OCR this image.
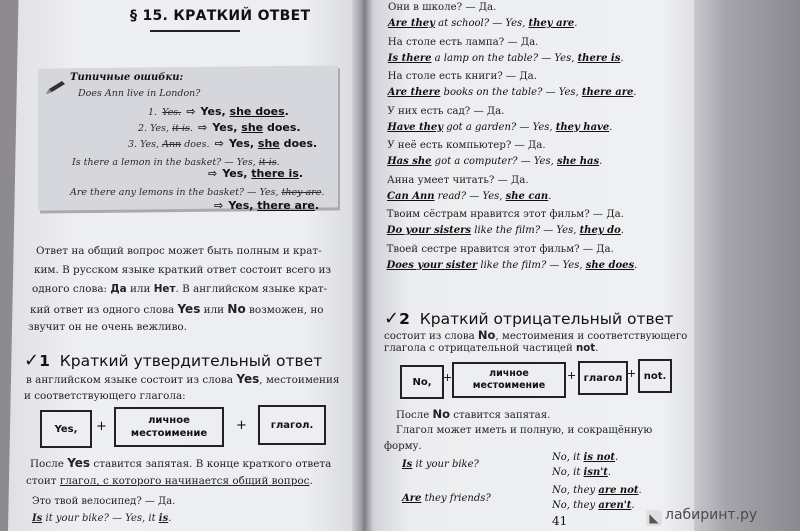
§ 15. КРАТКИЙ ОТВЕТ
Типичные ошибки:
Does Ann live in London?
1. Yes. ⇨ Yes, she does.
2. Yes, it is. ⇨ Yes, she does.
3. Yes, Ann does. ⇨ Yes, she does.
Is there a lemon in the basket? — Yes, it is.
⇨ Yes, there is.
Are there any lemons in the basket? — Yes, they are.
⇨ Yes, there are.
Ответ на общий вопрос может быть полным и крат-
ким. В русском языке краткий ответ состоит всего из
одного слова: Да или Нет. В английском языке крат-
кий ответ из одного слова Yes или No возможен, но
звучит он не очень вежливо.
✓1 Краткий утвердительный ответ
в английском языке состоит из слова Yes, местоимения
и соответствующего глагола:
Yes,	+	личное
местоимение
+	глагол.
После Yes ставится запятая. В конце краткого ответа
стоит глагол, с которого начинается общий вопрос.
Это твой велосипед? — Да.
Is it your bike? — Yes, it is.
Они в школе? — Да.
Are they at school? — Yes, they are.
На столе есть лампа? — Да.
Is there a lamp on the table? — Yes, there is.
На столе есть книги? — Да.
Are there books on the table? — Yes, there are.
У них есть сад? — Да.
Have they got a garden? — Yes, they have.
У неё есть компьютер? — Да.
Has she got a computer? — Yes, she has.
Анна умеет читать? — Да.
Can Ann read? — Yes, she can.
Твоим сёстрам нравится этот фильм? — Да.
Do your sisters like the film? — Yes, they do.
Твоей сестре нравится этот фильм? — Да.
Does your sister like the film? — Yes, she does.
✓2 Краткий отрицательный ответ
состоит из слова No, местоимения и соответствующего
глагола с отрицательной частицей not.
No,	+	личное
местоимение
+ глагол + not.
После No ставится запятая.
Глагол может иметь и полную, и сокращённую
форму.
Is it your bike?
No, it is not.
No, it isn't.
Are they friends?
No, they are not.
No, they aren't.
41	◣ лабиринт.ру
